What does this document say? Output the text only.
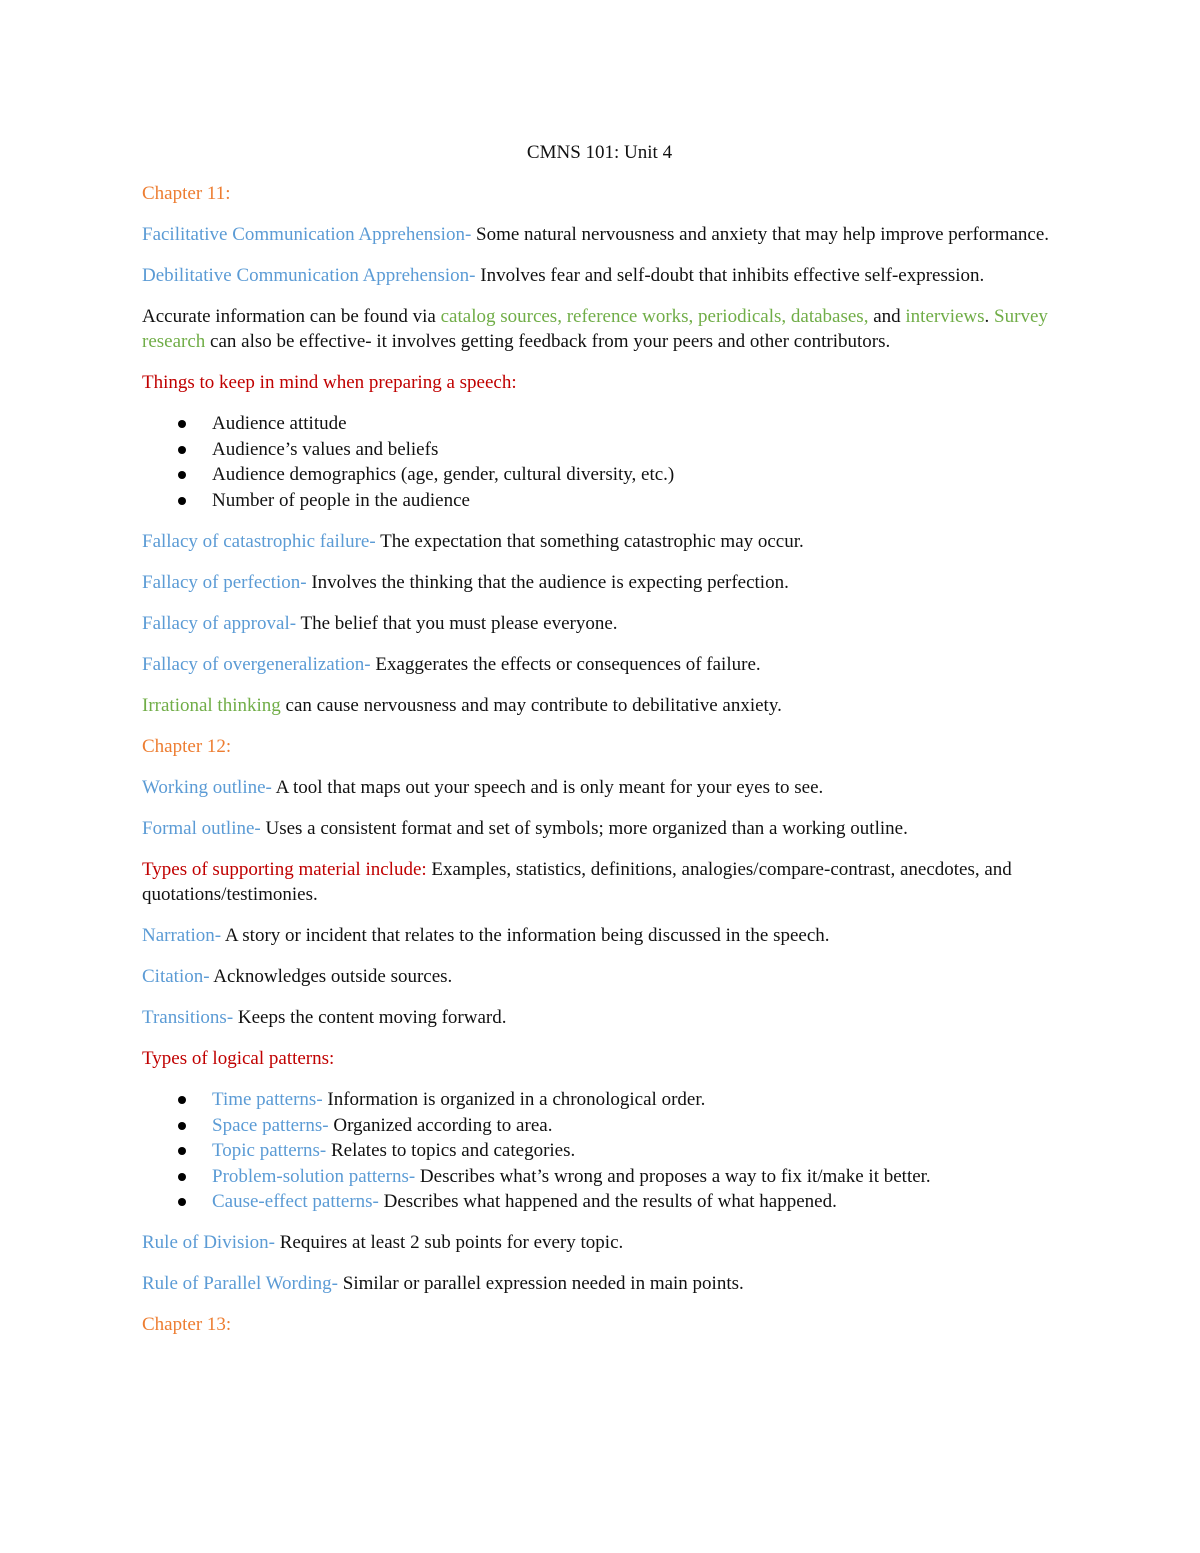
CMNS 101: Unit 4

Chapter 11:

Facilitative Communication Apprehension- Some natural nervousness and anxiety that may help improve performance.

Debilitative Communication Apprehension- Involves fear and self-doubt that inhibits effective self-expression.

Accurate information can be found via catalog sources, reference works, periodicals, databases, and interviews. Survey research can also be effective- it involves getting feedback from your peers and other contributors.

Things to keep in mind when preparing a speech:

Audience attitude
Audience’s values and beliefs
Audience demographics (age, gender, cultural diversity, etc.)
Number of people in the audience

Fallacy of catastrophic failure- The expectation that something catastrophic may occur.

Fallacy of perfection- Involves the thinking that the audience is expecting perfection.

Fallacy of approval- The belief that you must please everyone.

Fallacy of overgeneralization- Exaggerates the effects or consequences of failure.

Irrational thinking can cause nervousness and may contribute to debilitative anxiety.

Chapter 12:

Working outline- A tool that maps out your speech and is only meant for your eyes to see.

Formal outline- Uses a consistent format and set of symbols; more organized than a working outline.

Types of supporting material include: Examples, statistics, definitions, analogies/compare-contrast, anecdotes, and quotations/testimonies.

Narration- A story or incident that relates to the information being discussed in the speech.

Citation- Acknowledges outside sources.

Transitions- Keeps the content moving forward.

Types of logical patterns:

Time patterns- Information is organized in a chronological order.
Space patterns- Organized according to area.
Topic patterns- Relates to topics and categories.
Problem-solution patterns- Describes what’s wrong and proposes a way to fix it/make it better.
Cause-effect patterns- Describes what happened and the results of what happened.

Rule of Division- Requires at least 2 sub points for every topic.

Rule of Parallel Wording- Similar or parallel expression needed in main points.

Chapter 13:
